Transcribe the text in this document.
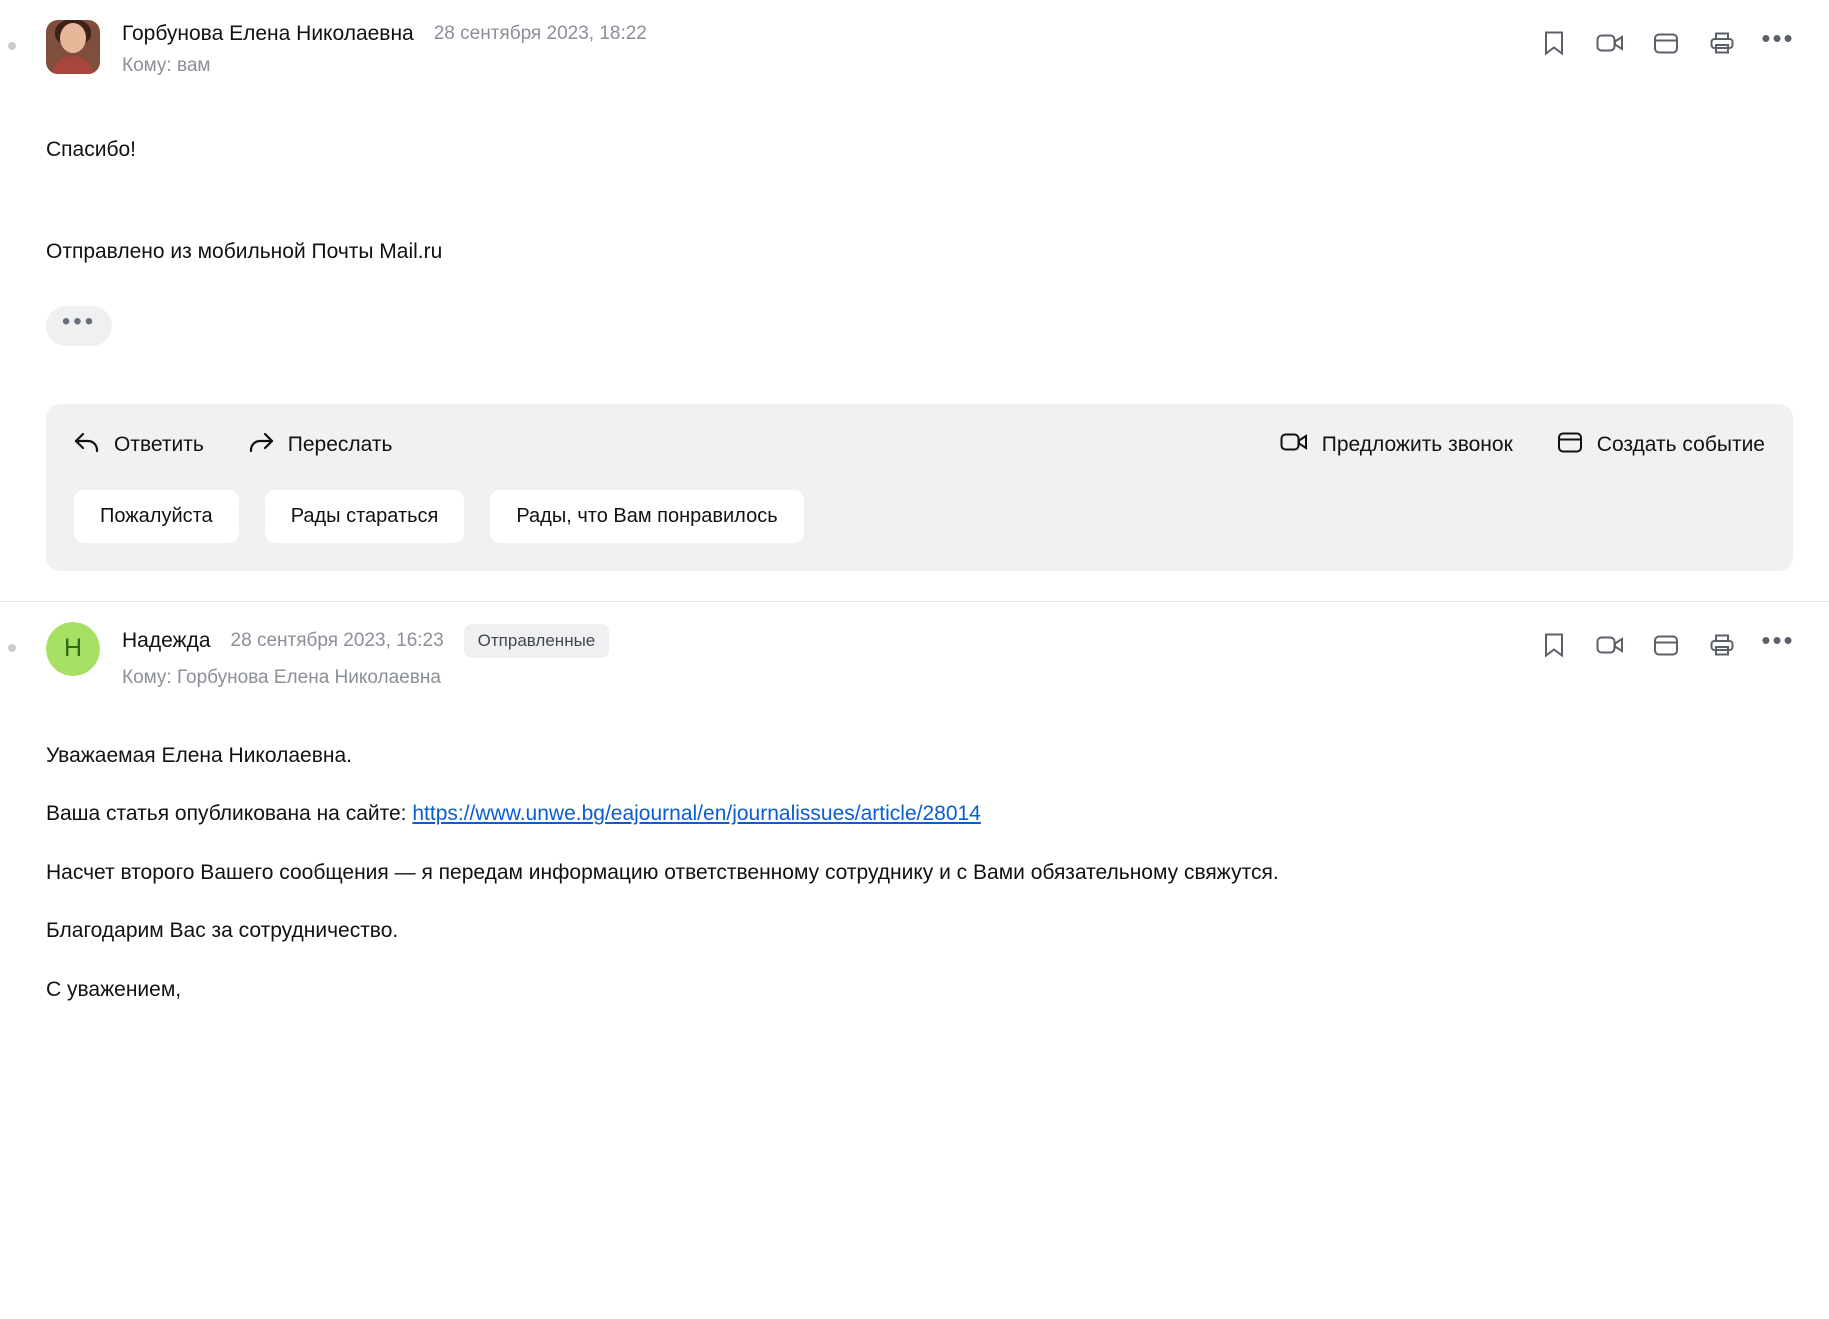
Горбунова Елена Николаевна 28 сентября 2023, 18:22
Кому: вам
•••

Спасибо!

Отправлено из мобильной Почты Mail.ru

•••
Ответить	Переслать	Предложить звонок	Создать событие
Пожалуйста	Рады стараться	Рады, что Вам понравилось
Н	Надежда 28 сентября 2023, 16:23	Отправленные
Кому: Горбунова Елена Николаевна
•••

Уважаемая Елена Николаевна.

Ваша статья опубликована на сайте: https://www.unwe.bg/eajournal/en/journalissues/article/28014

Насчет второго Вашего сообщения — я передам информацию ответственному сотруднику и с Вами обязательному свяжутся.

Благодарим Вас за сотрудничество.

С уважением,
